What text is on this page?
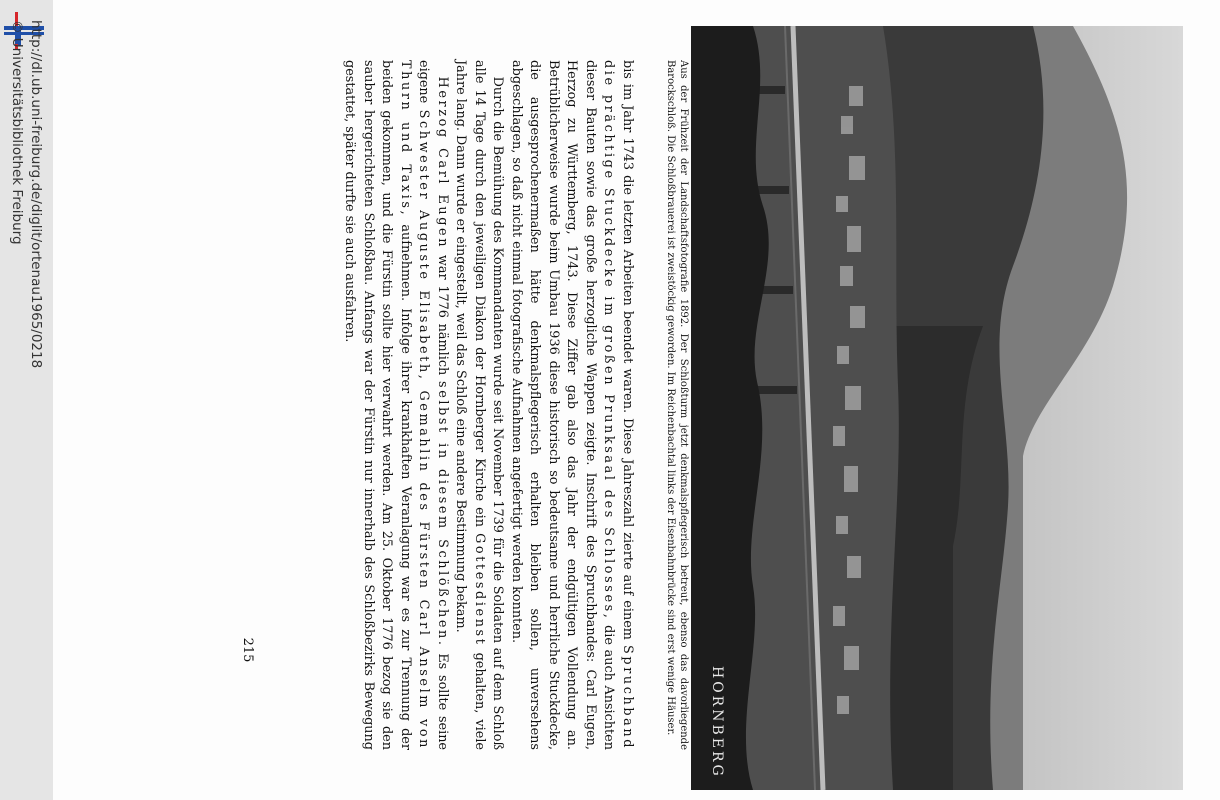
HORNBERG
Aus der Frühzeit der Landschaftsfotografie 1892. Der Schloßturm jetzt denkmalspflegerisch betreut, ebenso das davorliegende Barockschloß. Die Schloßbrauerei ist zweistöckig geworden. Im Reichenbachtal links der Eisenbahnbrücke sind erst wenige Häuser.

bis im Jahr 1743 die letzten Arbeiten beendet waren. Diese Jahreszahl zierte auf einem Spruchband die prächtige Stuckdecke im großen Prunksaal des Schlosses, die auch Ansichten dieser Bauten sowie das große herzogliche Wappen zeigte. Inschrift des Spruchbandes: Carl Eugen, Herzog zu Württemberg, 1743. Diese Ziffer gab also das Jahr der endgültigen Vollendung an. Betrüblicherweise wurde beim Umbau 1936 diese historisch so bedeutsame und herrliche Stuckdecke, die ausgesprochenermaßen hätte denkmalspflegerisch erhalten bleiben sollen, unversehens abgeschlagen, so daß nicht einmal fotografische Aufnahmen angefertigt werden konnten.

Durch die Bemühung des Kommandanten wurde seit November 1739 für die Soldaten auf dem Schloß alle 14 Tage durch den jeweiligen Diakon der Hornberger Kirche ein Gottesdienst gehalten, viele Jahre lang. Dann wurde er eingestellt, weil das Schloß eine andere Bestimmung bekam.

Herzog Carl Eugen war 1776 nämlich selbst in diesem Schlößchen. Es sollte seine eigene Schwester Auguste Elisabeth, Gemahlin des Fürsten Carl Anselm von Thurn und Taxis, aufnehmen. Infolge ihrer krankhaften Veranlagung war es zur Trennung der beiden gekommen, und die Fürstin sollte hier verwahrt werden. Am 25. Oktober 1776 bezog sie den sauber hergerichteten Schloßbau. Anfangs war der Fürstin nur innerhalb des Schloßbezirks Bewegung gestattet, später durfte sie auch ausfahren.

215
http://dl.ub.uni-freiburg.de/diglit/ortenau1965/0218
© Universitätsbibliothek Freiburg
